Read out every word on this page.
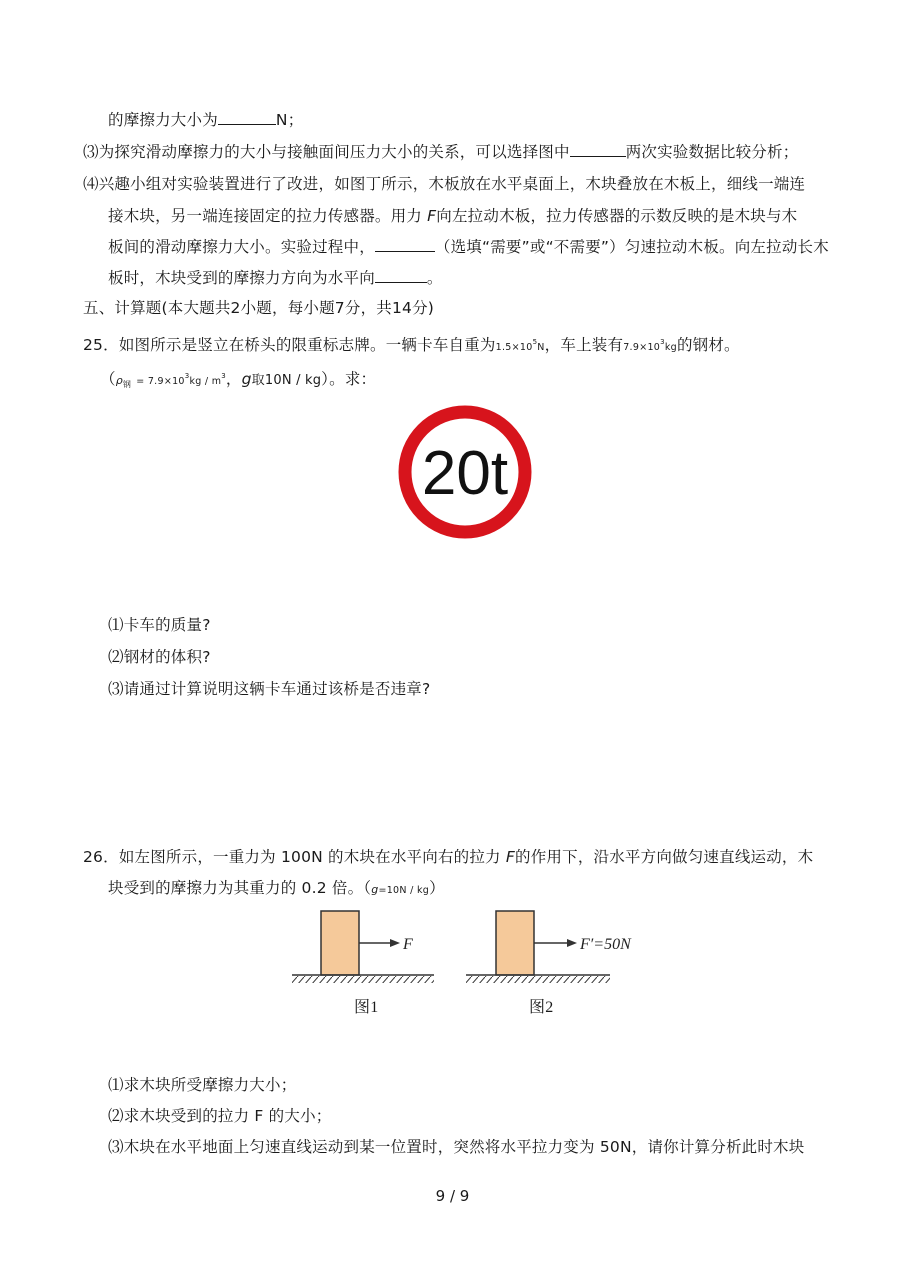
的摩擦力大小为	N；
⑶为探究滑动摩擦力的大小与接触面间压力大小的关系，可以选择图中	两次实验数据比较分析；
⑷兴趣小组对实验装置进行了改进，如图丁所示，木板放在水平桌面上，木块叠放在木板上，细线一端连
接木块，另一端连接固定的拉力传感器。用力 F向左拉动木板，拉力传感器的示数反映的是木块与木
板间的滑动摩擦力大小。实验过程中，	（选填“需要”或“不需要”）匀速拉动木板。向左拉动长木
板时，木块受到的摩擦力方向为水平向	。
五、计算题(本大题共2小题，每小题7分，共14分)
25．如图所示是竖立在桥头的限重标志牌。一辆卡车自重为$1.5\times 10^5N$，车上装有$7.9\times 10^3kg$的钢材。
（$\rho_钢 = 7.9\times 10^3kg / m^3$，g取10N / kg）。求：
20t
⑴卡车的质量?
⑵钢材的体积?
⑶请通过计算说明这辆卡车通过该桥是否违章?
26．如左图所示，一重力为 100N 的木块在水平向右的拉力 F的作用下，沿水平方向做匀速直线运动，木
块受到的摩擦力为其重力的 0.2 倍。（g=10N / kg）
F
图1
F′=50N
图2
⑴求木块所受摩擦力大小；
⑵求木块受到的拉力 F 的大小；
⑶木块在水平地面上匀速直线运动到某一位置时，突然将水平拉力变为 50N，请你计算分析此时木块
9 / 9
